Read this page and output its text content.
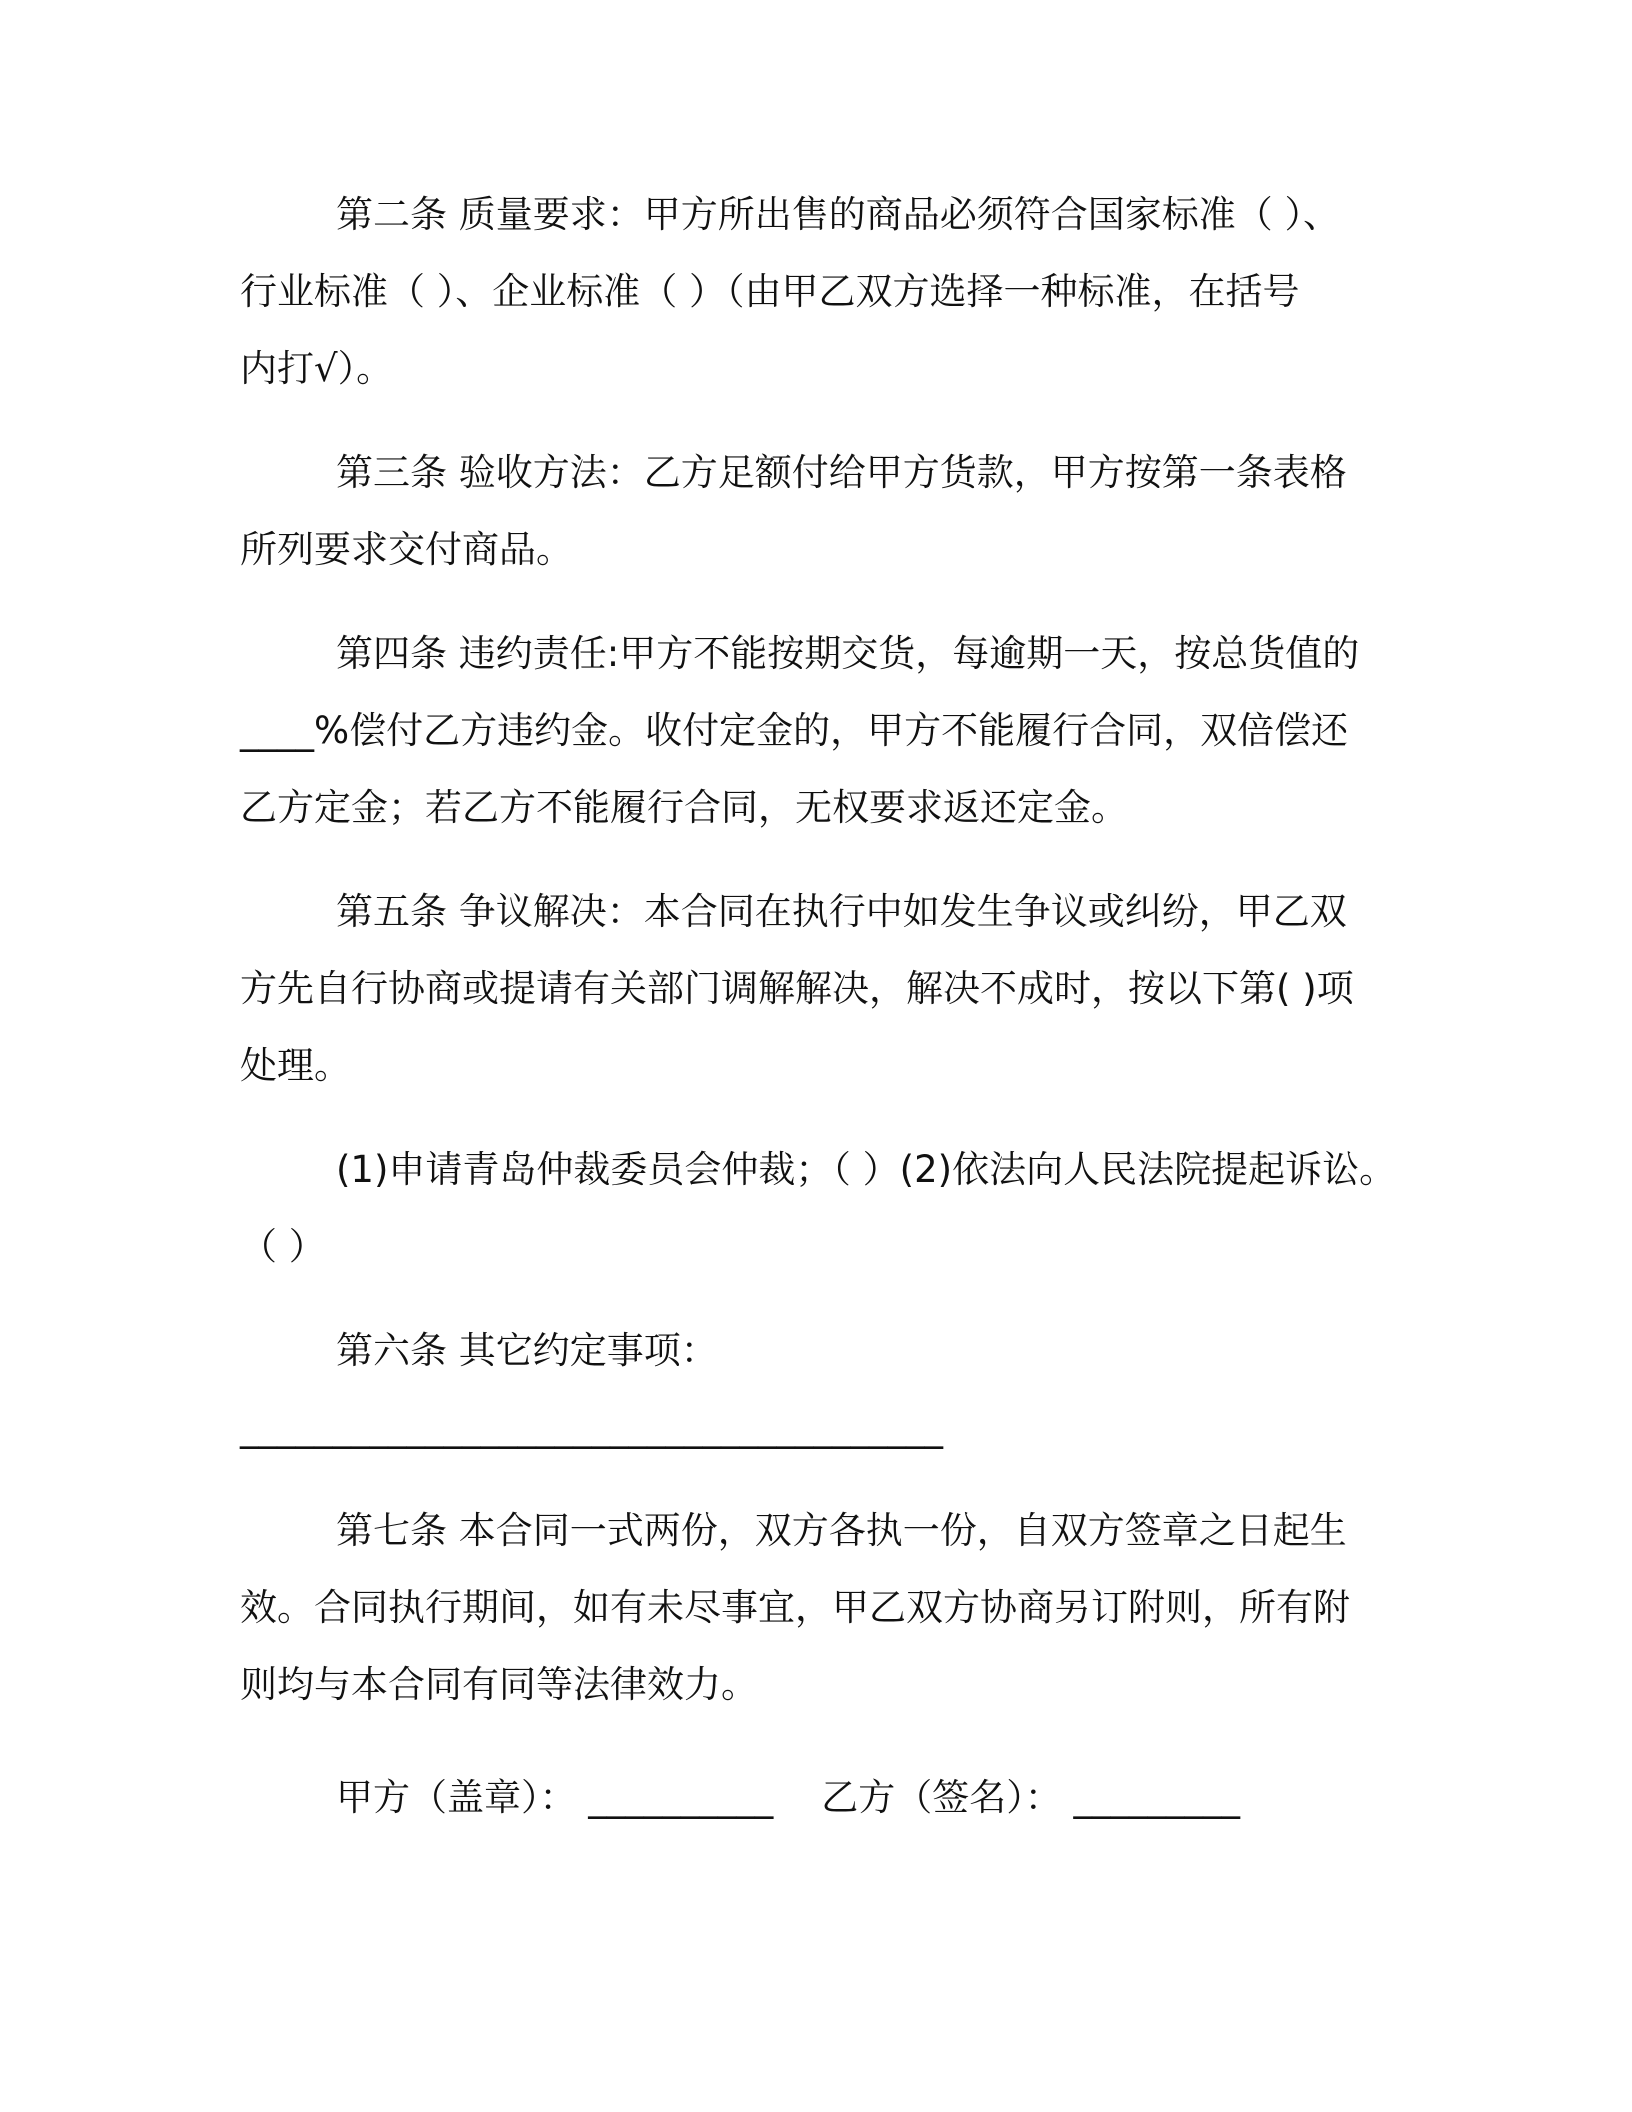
第二条 质量要求：甲方所出售的商品必须符合国家标准（ ）、
行业标准（ ）、企业标准（ ）（由甲乙双方选择一种标准，在括号
内打√）。
第三条 验收方法：乙方足额付给甲方货款，甲方按第一条表格
所列要求交付商品。
第四条 违约责任:甲方不能按期交货，每逾期一天，按总货值的
____%偿付乙方违约金。收付定金的，甲方不能履行合同，双倍偿还
乙方定金；若乙方不能履行合同，无权要求返还定金。
第五条 争议解决：本合同在执行中如发生争议或纠纷，甲乙双
方先自行协商或提请有关部门调解解决，解决不成时，按以下第( )项
处理。
(1)申请青岛仲裁委员会仲裁；（ ）(2)依法向人民法院提起诉讼。
（ ）
第六条 其它约定事项：
______________________________________
第七条 本合同一式两份，双方各执一份，自双方签章之日起生
效。合同执行期间，如有未尽事宜，甲乙双方协商另订附则，所有附
则均与本合同有同等法律效力。
甲方（盖章）： __________ 乙方（签名）： _________
